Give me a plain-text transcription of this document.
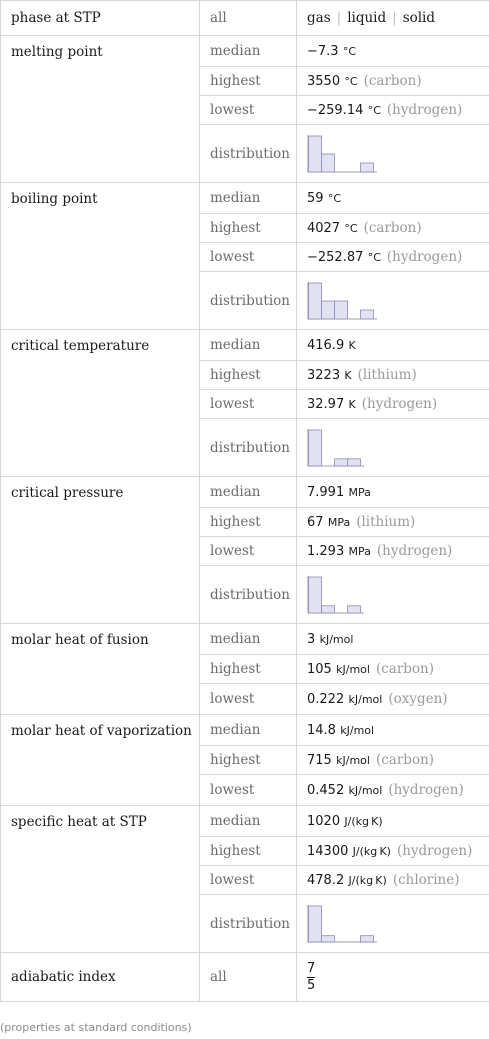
phase at STP	all	gas | liquid | solid
melting point	median	−7.3 °C
	highest	3550 °C (carbon)
	lowest	−259.14 °C (hydrogen)
	distribution	

boiling point	median	59 °C
	highest	4027 °C (carbon)
	lowest	−252.87 °C (hydrogen)
	distribution	

critical temperature	median	416.9 K
	highest	3223 K (lithium)
	lowest	32.97 K (hydrogen)
	distribution	

critical pressure	median	7.991 MPa
	highest	67 MPa (lithium)
	lowest	1.293 MPa (hydrogen)
	distribution	

molar heat of fusion	median	3 kJ/mol
	highest	105 kJ/mol (carbon)
	lowest	0.222 kJ/mol (oxygen)
molar heat of vaporization	median	14.8 kJ/mol
	highest	715 kJ/mol (carbon)
	lowest	0.452 kJ/mol (hydrogen)
specific heat at STP	median	1020 J/(kg K)
	highest	14300 J/(kg K) (hydrogen)
	lowest	478.2 J/(kg K) (chlorine)
	distribution	

adiabatic index	all	$\frac{7}{5}$
(properties at standard conditions)
